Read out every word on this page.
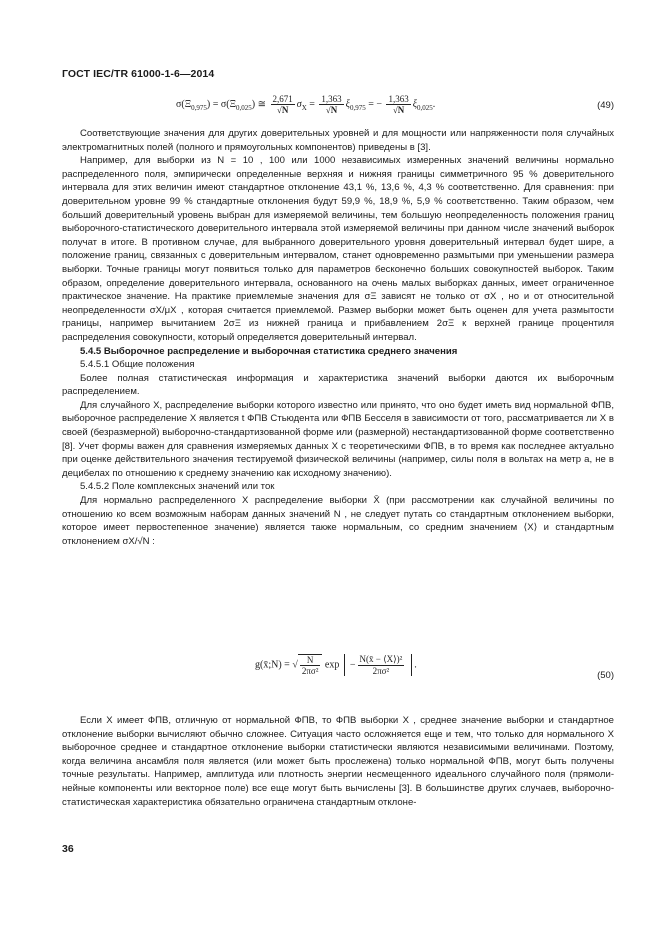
ГОСТ IEC/TR 61000-1-6—2014
$\sigma(\Xi_{0,975}) = \sigma(\Xi_{0,025})$ ≅ $\frac{2,671}{√N} \sigma_X = \frac{1,363}{√N} \xi_{0,975}$ = − $\frac{1,363}{√N} \xi_{0,025}$.	(49)

Соответствующие значения для других доверительных уровней и для мощности или напряженности поля случайных электромагнитных полей (полного и прямоугольных компонентов) приведены в [3].

Например, для выборки из N = 10 , 100 или 1000 независимых измеренных значений величины нормально распределенного поля, эмпирически определенные верхняя и нижняя границы симметричного 95 % доверительного интервала для этих величин имеют стандартное отклонение 43,1 %, 13,6 %, 4,3 % соответственно. Для сравнения: при доверительном уровне 99 % стандартные отклонения будут 59,9 %, 18,9 %, 5,9 % соответственно. Таким образом, чем больший доверительный уровень выбран для измеряемой величины, тем большую неопределенность положения границ выборочного-статистического доверительного интервала этой измеряемой величины при данном числе значений выборок получат в итоге. В противном случае, для выбранного доверительного уровня доверительный интервал будет шире, а положение границ, связанных с доверительным интервалом, станет одновременно размытыми при уменьшении размера выборки. Точные границы могут появиться только для параметров бесконечно больших совокупностей выборок. Таким образом, определение доверительного интервала, основанного на очень малых выборках данных, имеет ограниченное практическое значение. На практике приемлемые значения для σΞ зависят не только от σX , но и от относительной неопределенности σX/μX , которая считается приемлемой. Размер выборки может быть оценен для учета размытости границы, например вычитанием 2σΞ из нижней граница и прибавлением 2σΞ к верхней границе процентиля распределения совокупности, который определяется доверительный интервал.

5.4.5 Выборочное распределение и выборочная статистика среднего значения

5.4.5.1 Общие положения

Более полная статистическая информация и характеристика значений выборки даются их выборочным распределением.

Для случайного X, распределение выборки которого известно или принято, что оно будет иметь вид нормальной ФПВ, выборочное распределение X является t ФПВ Стьюдента или ФПВ Бесселя в зависимости от того, рассматривается ли X в своей (безразмерной) выборочно-стандартизованной форме или (размерной) нестандартизованной форме соответственно [8]. Учет формы важен для сравнения измеряемых данных X с теоретическими ФПВ, в то время как последнее актуально при оценке действительного значения тестируемой физической величины (например, силы поля в вольтах на метр а, не в децибелах по отношению к среднему значению как исходному значению).

5.4.5.2 Поле комплексных значений или ток

Для нормально распределенного X распределение выборки X̄ (при рассмотрении как случайной величины по отношению ко всем возможным наборам данных значений N , не следует путать со стандартным отклонением выборки, которое имеет первостепенное значение) является также нормальным, со средним значением ⟨X⟩ и стандартным отклонением σX/√N :

g(x̄;N) = √ $\frac{N}{\text{2πσ²}}$ $\exp - \frac{\text{N(x̄ − ⟨X⟩)²}}{\text{2πσ²}}$ .
(50)

Если X имеет ФПВ, отличную от нормальной ФПВ, то ФПВ выборки X , среднее значение выборки и стандартное отклонение выборки вычисляют обычно сложнее. Ситуация часто осложняется еще и тем, что только для нормального X выборочное среднее и стандартное отклонение выборки статистически являются независимыми величинами. Поэтому, когда величина ансамбля поля является (или может быть прослежена) только нормальной ФПВ, могут быть получены точные результаты. Например, амплитуда или плотность энергии несмещенного идеального случайного поля (прямолинейные компоненты или векторное поле) все еще могут быть вычислены [3]. В большинстве других случаев, выборочно-статистическая характеристика обязательно ограничена стандартным отклоне-

36
